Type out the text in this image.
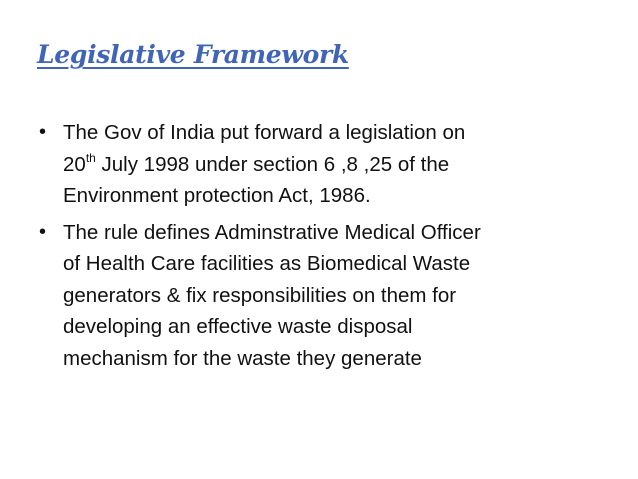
Legislative Framework
• The Gov of India put forward a legislation on
20th July 1998 under section 6 ,8 ,25 of the
Environment protection Act, 1986.
• The rule defines Adminstrative Medical Officer
of Health Care facilities as Biomedical Waste
generators & fix responsibilities on them for
developing an effective waste disposal
mechanism for the waste they generate
